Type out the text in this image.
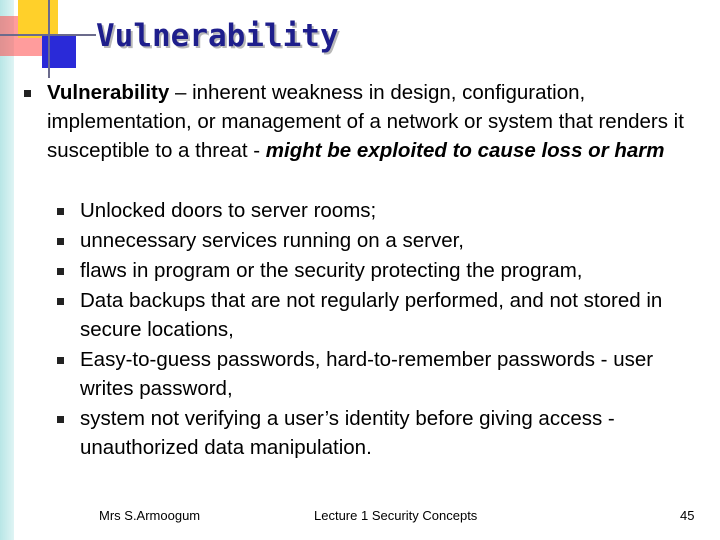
Vulnerability

Vulnerability – inherent weakness in design, configuration, implementation, or management of a network or system that renders it susceptible to a threat - might be exploited to cause loss or harm

Unlocked doors to server rooms;
unnecessary services running on a server,
flaws in program or the security protecting the program,
Data backups that are not regularly performed, and not stored in secure locations,
Easy-to-guess passwords, hard-to-remember passwords - user writes password,
system not verifying a user’s identity before giving access - unauthorized data manipulation.

Mrs S.Armoogum	Lecture 1 Security Concepts	45
